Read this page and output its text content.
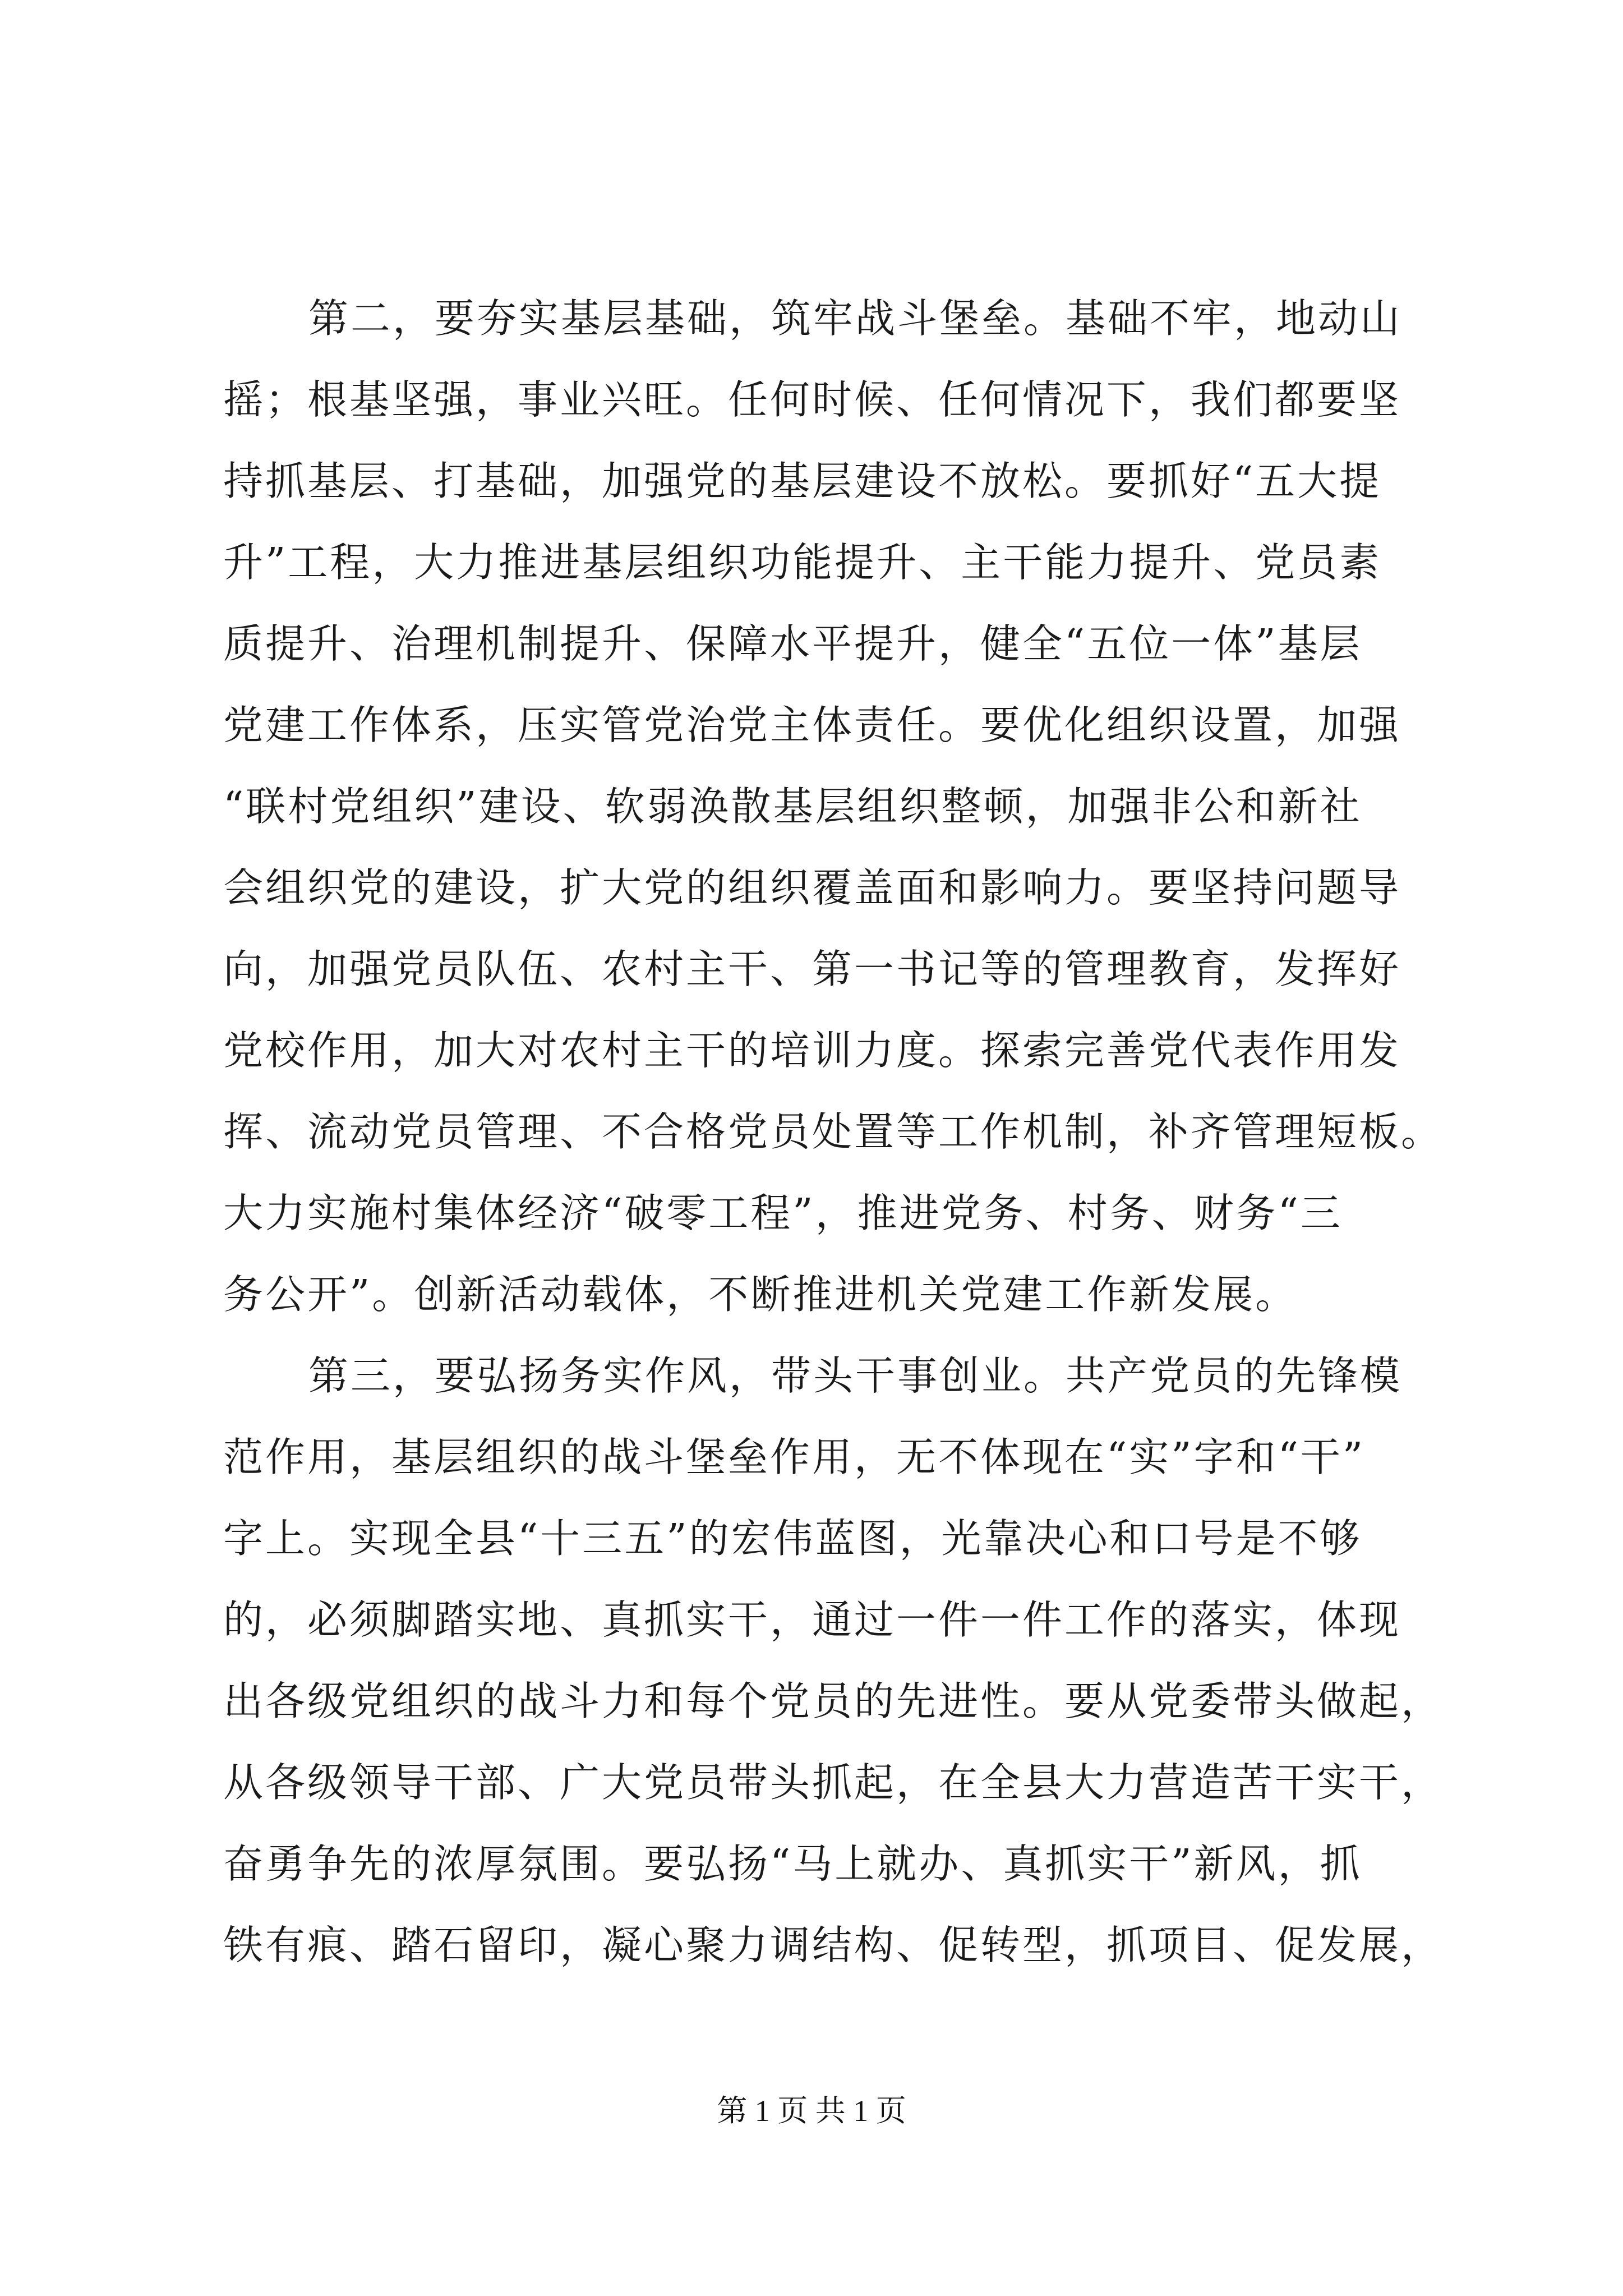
第二，要夯实基层基础，筑牢战斗堡垒。基础不牢，地动山
摇；根基坚强，事业兴旺。任何时候、任何情况下，我们都要坚
持抓基层、打基础，加强党的基层建设不放松。要抓好“五大提
升”工程，大力推进基层组织功能提升、主干能力提升、党员素
质提升、治理机制提升、保障水平提升，健全“五位一体”基层
党建工作体系，压实管党治党主体责任。要优化组织设置，加强
“联村党组织”建设、软弱涣散基层组织整顿，加强非公和新社
会组织党的建设，扩大党的组织覆盖面和影响力。要坚持问题导
向，加强党员队伍、农村主干、第一书记等的管理教育，发挥好
党校作用，加大对农村主干的培训力度。探索完善党代表作用发
挥、流动党员管理、不合格党员处置等工作机制，补齐管理短板。
大力实施村集体经济“破零工程”，推进党务、村务、财务“三
务公开”。创新活动载体，不断推进机关党建工作新发展。
第三，要弘扬务实作风，带头干事创业。共产党员的先锋模
范作用，基层组织的战斗堡垒作用，无不体现在“实”字和“干”
字上。实现全县“十三五”的宏伟蓝图，光靠决心和口号是不够
的，必须脚踏实地、真抓实干，通过一件一件工作的落实，体现
出各级党组织的战斗力和每个党员的先进性。要从党委带头做起，
从各级领导干部、广大党员带头抓起，在全县大力营造苦干实干，
奋勇争先的浓厚氛围。要弘扬“马上就办、真抓实干”新风，抓
铁有痕、踏石留印，凝心聚力调结构、促转型，抓项目、促发展，
第 1 页 共 1 页
